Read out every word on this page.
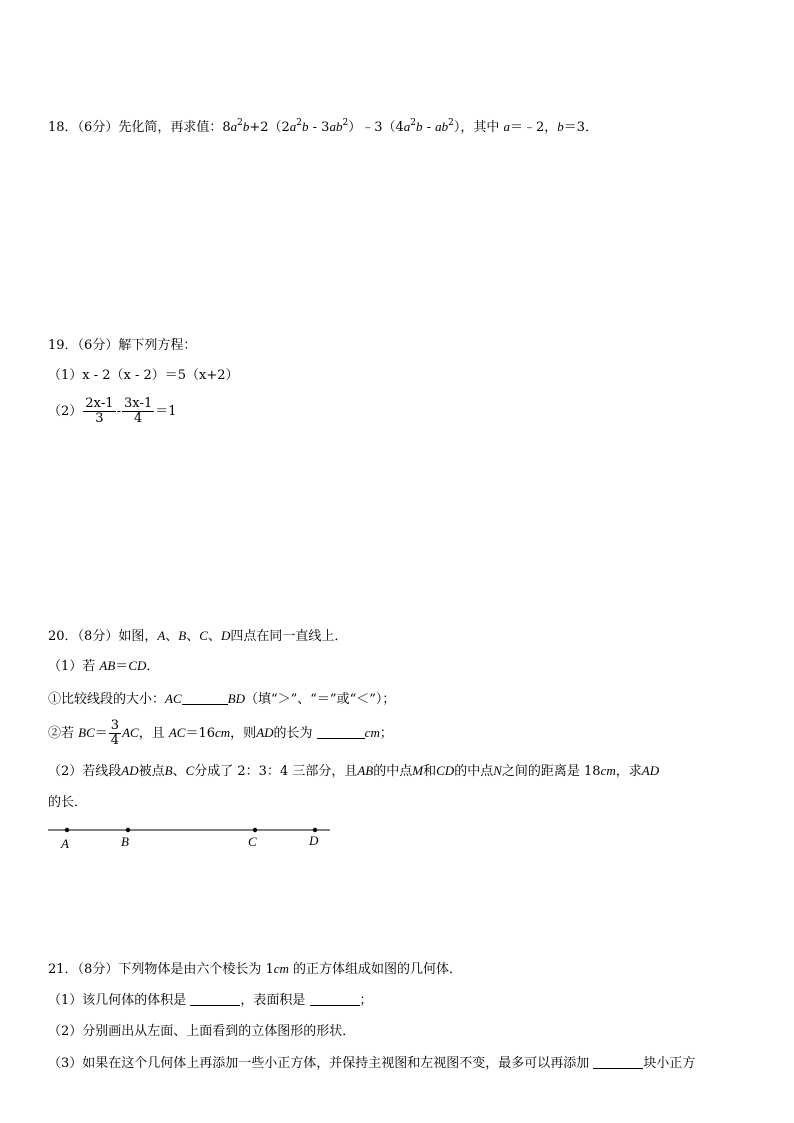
18．（6分）先化简，再求值：$8a^2b+2(2a^2b$ ‑ $3ab^2)﹣3(4a^2b$ ‑ $ab^2$），其中 a＝﹣2，b＝3．
19．（6分）解下列方程：
（1）x ‑ 2（x ‑ 2）＝5（x+2）
$(2) \frac{2x‑1}{3}$ ‑ $\frac{3x‑1}{4} =1$
20．（8分）如图，A、B、C、D四点在同一直线上．
（1）若 AB＝CD．
①比较线段的大小：AC	BD（填“＞”、“＝”或“＜”）；
②若 $BC= \frac{3}{4}$ AC，且 AC＝16cm，则AD的长为	cm；
（2）若线段AD被点B、C分成了 2：3：4 三部分，且AB的中点M和CD的中点N之间的距离是 18cm，求AD
的长．
A	B	C	D
21．（8分）下列物体是由六个棱长为 1cm 的正方体组成如图的几何体．
（1）该几何体的体积是	，表面积是	；
（2）分别画出从左面、上面看到的立体图形的形状．
（3）如果在这个几何体上再添加一些小正方体，并保持主视图和左视图不变，最多可以再添加	块小正方
